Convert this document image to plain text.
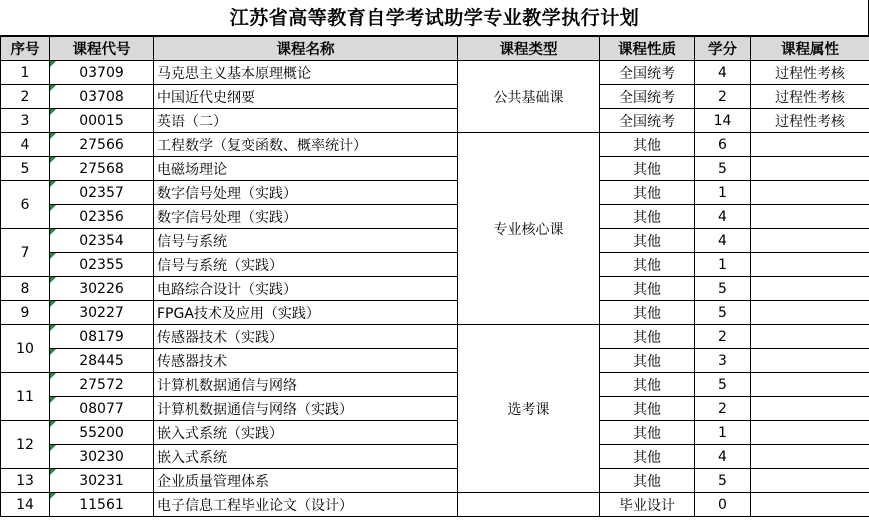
江苏省高等教育自学考试助学专业教学执行计划
序号	课程代号	课程名称	课程类型	课程性质	学分	课程属性
1	03709	马克思主义基本原理概论	公共基础课	全国统考	4	过程性考核
2	03708	中国近代史纲要		全国统考	2	过程性考核
3	00015	英语（二）		全国统考	14	过程性考核
4	27566	工程数学（复变函数、概率统计）	专业核心课	其他	6	
5	27568	电磁场理论		其他	5	
6	02357	数字信号处理（实践）		其他	1	
	02356	数字信号处理（实践）		其他	4	
7	02354	信号与系统		其他	4	
	02355	信号与系统（实践）		其他	1	
8	30226	电路综合设计（实践）		其他	5	
9	30227	FPGA技术及应用（实践）		其他	5	
10	08179	传感器技术（实践）	选考课	其他	2	
	28445	传感器技术		其他	3	
11	27572	计算机数据通信与网络		其他	5	
	08077	计算机数据通信与网络（实践）		其他	2	
12	55200	嵌入式系统（实践）		其他	1	
	30230	嵌入式系统		其他	4	
13	30231	企业质量管理体系		其他	5	
14	11561	电子信息工程毕业论文（设计）		毕业设计	0	
